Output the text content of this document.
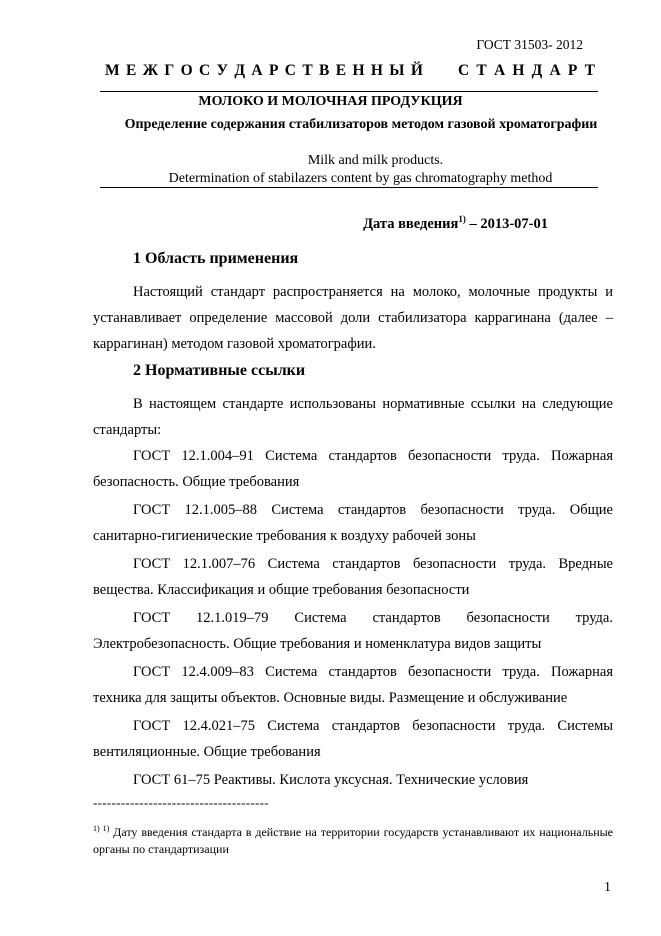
ГОСТ 31503- 2012
М Е Ж Г О С У Д А Р С Т В Е Н Н Ы Й С Т А Н Д А Р Т
МОЛОКО И МОЛОЧНАЯ ПРОДУКЦИЯ
Определение содержания стабилизаторов методом газовой хроматографии
Milk and milk products.
Determination of stabilazers content by gas chromatography method
Дата введения$^{1)}$ – 2013-07-01
1 Область применения
Настоящий стандарт распространяется на молоко, молочные продукты и устанавливает определение массовой доли стабилизатора каррагинана (далее – каррагинан) методом газовой хроматографии.
2 Нормативные ссылки
В настоящем стандарте использованы нормативные ссылки на следующие стандарты:
ГОСТ 12.1.004–91 Система стандартов безопасности труда. Пожарная безопасность. Общие требования
ГОСТ 12.1.005–88 Система стандартов безопасности труда. Общие санитарно-гигиенические требования к воздуху рабочей зоны
ГОСТ 12.1.007–76 Система стандартов безопасности труда. Вредные вещества. Классификация и общие требования безопасности
ГОСТ 12.1.019–79 Система стандартов безопасности труда. Электробезопасность. Общие требования и номенклатура видов защиты
ГОСТ 12.4.009–83 Система стандартов безопасности труда. Пожарная техника для защиты объектов. Основные виды. Размещение и обслуживание
ГОСТ 12.4.021–75 Система стандартов безопасности труда. Системы вентиляционные. Общие требования
ГОСТ 61–75 Реактивы. Кислота уксусная. Технические условия
--------------------------------------
$^{1) 1)}$ Дату введения стандарта в действие на территории государств устанавливают их национальные органы по стандартизации
1
